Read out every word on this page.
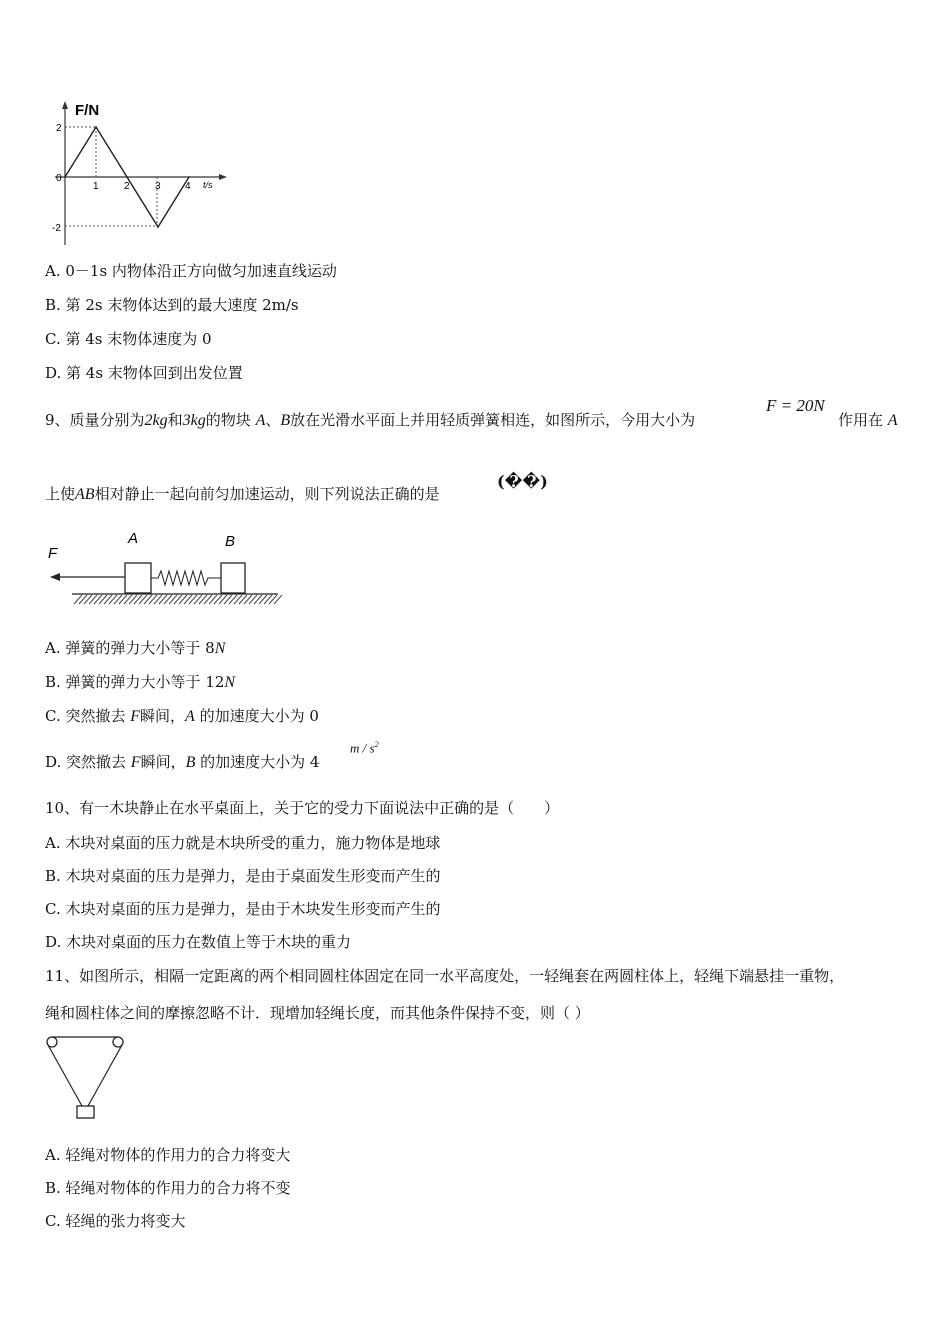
F/N
t/s
2
0
-2
1	2	3 4
A. 0－1s 内物体沿正方向做匀加速直线运动
B. 第 2s 末物体达到的最大速度 2m/s
C. 第 4s 末物体速度为 0
D. 第 4s 末物体回到出发位置
9、质量分别为2kg和3kg的物块 A、B放在光滑水平面上并用轻质弹簧相连，如图所示，今用大小为
F = 20N
作用在 A
上使AB相对静止一起向前匀加速运动，则下列说法正确的是
(��)
F
A	B
A. 弹簧的弹力大小等于 8N
B. 弹簧的弹力大小等于 12N
C. 突然撤去 F瞬间，A 的加速度大小为 0
D. 突然撤去 F瞬间，B 的加速度大小为 4
m / $s^2$
10、有一木块静止在水平桌面上，关于它的受力下面说法中正确的是（　　）
A. 木块对桌面的压力就是木块所受的重力，施力物体是地球
B. 木块对桌面的压力是弹力，是由于桌面发生形变而产生的
C. 木块对桌面的压力是弹力，是由于木块发生形变而产生的
D. 木块对桌面的压力在数值上等于木块的重力
11、如图所示，相隔一定距离的两个相同圆柱体固定在同一水平高度处，一轻绳套在两圆柱体上，轻绳下端悬挂一重物，
绳和圆柱体之间的摩擦忽略不计．现增加轻绳长度，而其他条件保持不变，则（ ）
A. 轻绳对物体的作用力的合力将变大
B. 轻绳对物体的作用力的合力将不变
C. 轻绳的张力将变大
